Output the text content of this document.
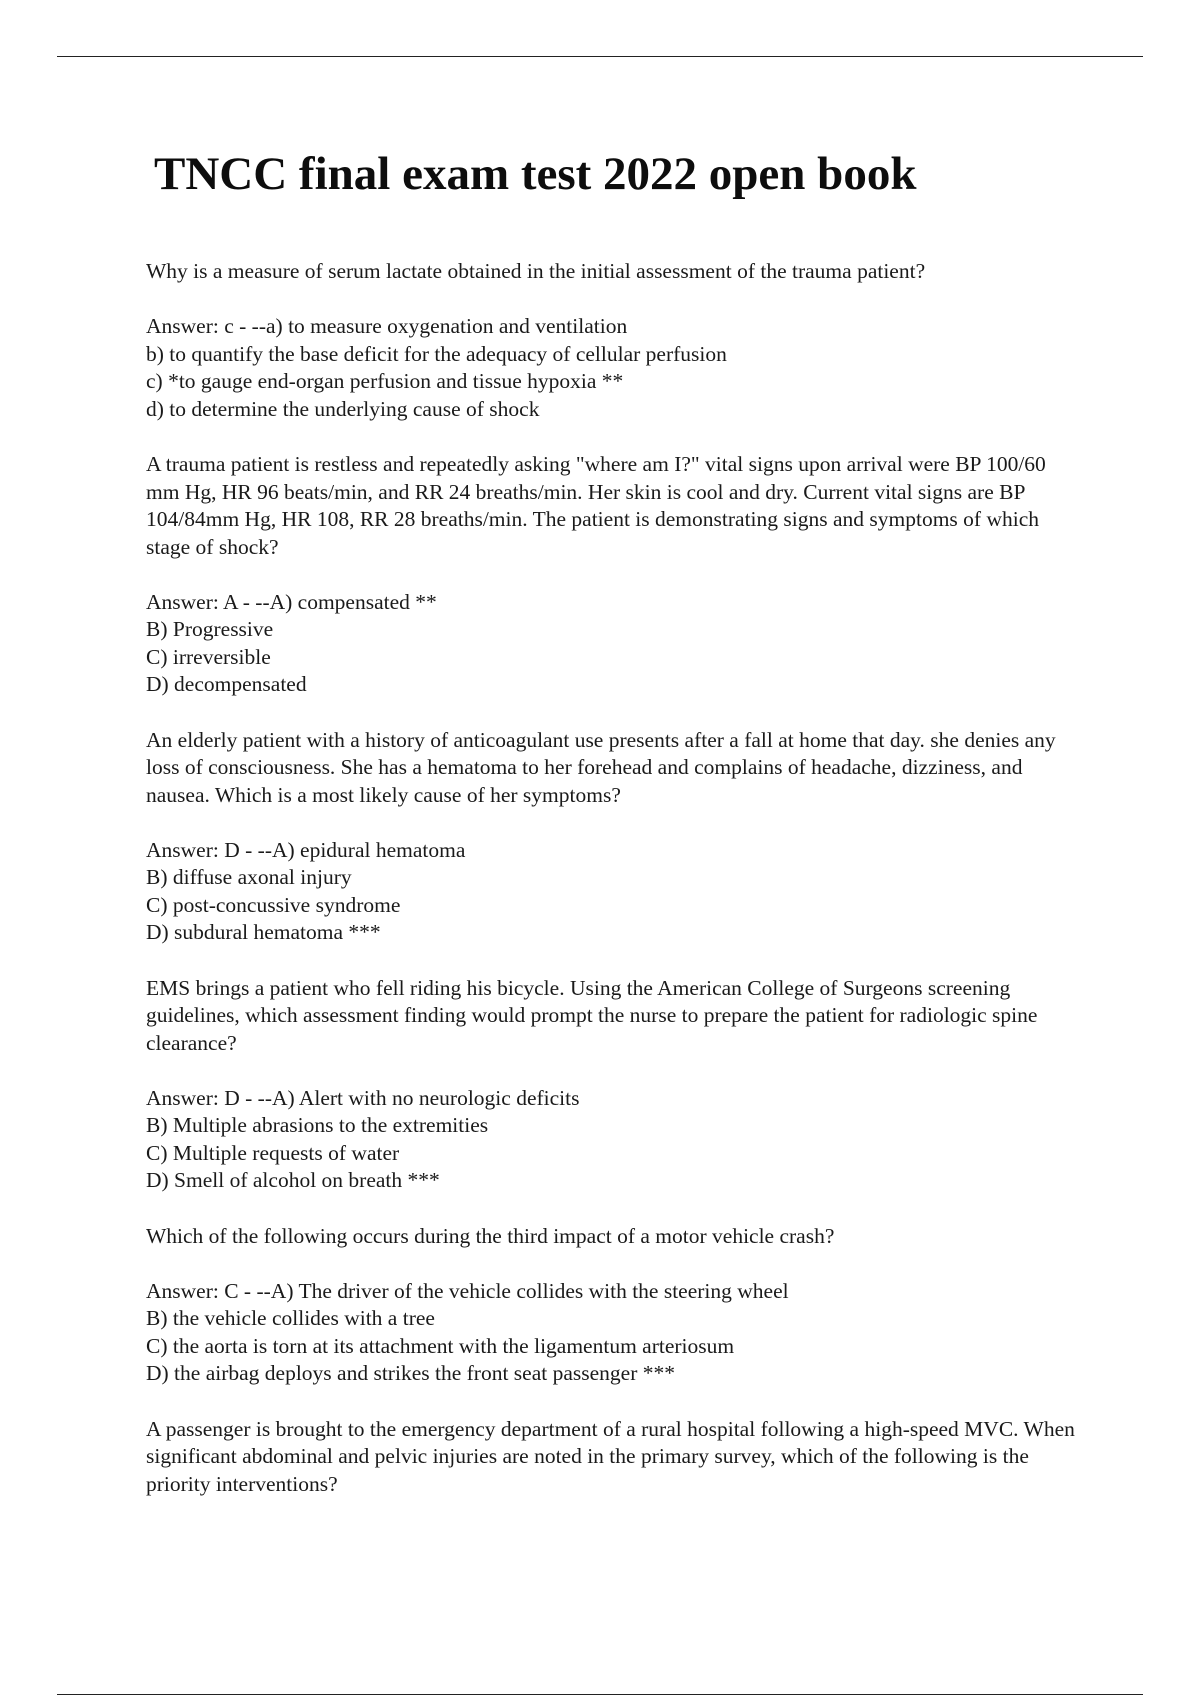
TNCC final exam test 2022 open book

Why is a measure of serum lactate obtained in the initial assessment of the trauma patient?

Answer: c - --a) to measure oxygenation and ventilation
b) to quantify the base deficit for the adequacy of cellular perfusion
c) *to gauge end-organ perfusion and tissue hypoxia **
d) to determine the underlying cause of shock

A trauma patient is restless and repeatedly asking "where am I?" vital signs upon arrival were BP 100/60 mm Hg, HR 96 beats/min, and RR 24 breaths/min. Her skin is cool and dry. Current vital signs are BP 104/84mm Hg, HR 108, RR 28 breaths/min. The patient is demonstrating signs and symptoms of which stage of shock?

Answer: A - --A) compensated **
B) Progressive
C) irreversible
D) decompensated

An elderly patient with a history of anticoagulant use presents after a fall at home that day. she denies any loss of consciousness. She has a hematoma to her forehead and complains of headache, dizziness, and nausea. Which is a most likely cause of her symptoms?

Answer: D - --A) epidural hematoma
B) diffuse axonal injury
C) post-concussive syndrome
D) subdural hematoma ***

EMS brings a patient who fell riding his bicycle. Using the American College of Surgeons screening guidelines, which assessment finding would prompt the nurse to prepare the patient for radiologic spine clearance?

Answer: D - --A) Alert with no neurologic deficits
B) Multiple abrasions to the extremities
C) Multiple requests of water
D) Smell of alcohol on breath ***

Which of the following occurs during the third impact of a motor vehicle crash?

Answer: C - --A) The driver of the vehicle collides with the steering wheel
B) the vehicle collides with a tree
C) the aorta is torn at its attachment with the ligamentum arteriosum
D) the airbag deploys and strikes the front seat passenger ***

A passenger is brought to the emergency department of a rural hospital following a high-speed MVC. When significant abdominal and pelvic injuries are noted in the primary survey, which of the following is the priority interventions?
